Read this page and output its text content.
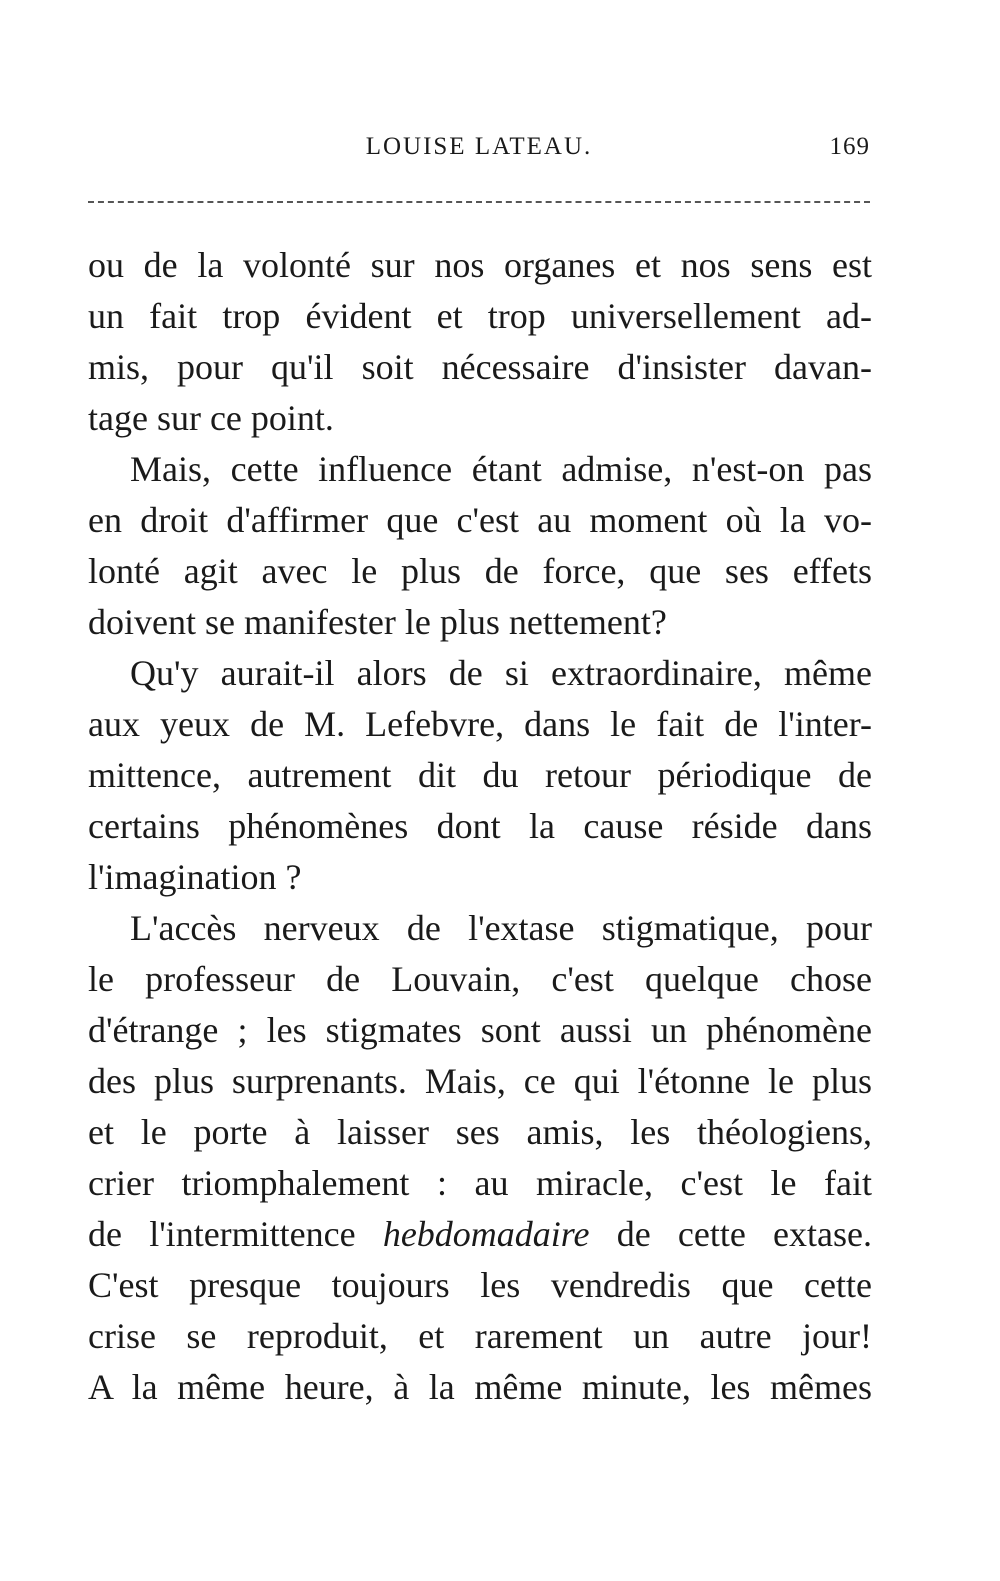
LOUISE LATEAU.	169
ou de la volonté sur nos organes et nos sens est
un fait trop évident et trop universellement ad-
mis, pour qu'il soit nécessaire d'insister davan-
tage sur ce point.
Mais, cette influence étant admise, n'est-on pas
en droit d'affirmer que c'est au moment où la vo-
lonté agit avec le plus de force, que ses effets
doivent se manifester le plus nettement?
Qu'y aurait-il alors de si extraordinaire, même
aux yeux de M. Lefebvre, dans le fait de l'inter-
mittence, autrement dit du retour périodique de
certains phénomènes dont la cause réside dans
l'imagination ?
L'accès nerveux de l'extase stigmatique, pour
le professeur de Louvain, c'est quelque chose
d'étrange ; les stigmates sont aussi un phénomène
des plus surprenants. Mais, ce qui l'étonne le plus
et le porte à laisser ses amis, les théologiens,
crier triomphalement : au miracle, c'est le fait
de l'intermittence hebdomadaire de cette extase.
C'est presque toujours les vendredis que cette
crise se reproduit, et rarement un autre jour!
A la même heure, à la même minute, les mêmes
